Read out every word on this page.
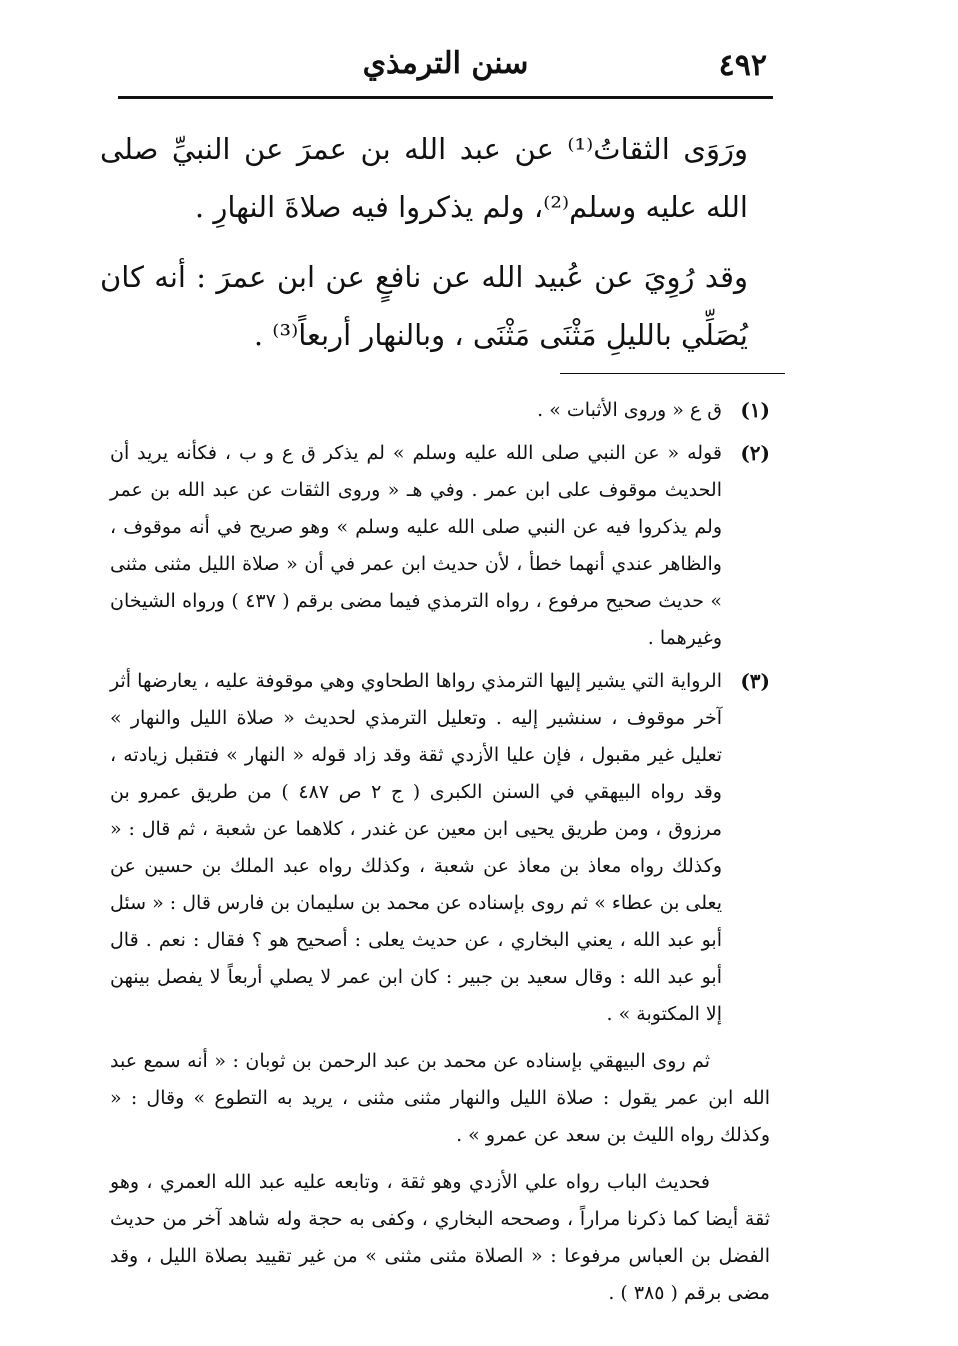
٤٩٢
سنن الترمذي

ورَوَى الثقاتُ⁽¹⁾ عن عبد الله بن عمرَ عن النبيِّ صلى الله عليه وسلم⁽²⁾، ولم يذكروا فيه صلاةَ النهارِ .

وقد رُوِيَ عن عُبيد الله عن نافعٍ عن ابن عمرَ : أنه كان يُصَلِّي بالليلِ مَثْنَى مَثْنَى ، وبالنهار أربعاً⁽³⁾ .

(١)
ق ع « وروى الأثبات » .
(٢)
قوله « عن النبي صلى الله عليه وسلم » لم يذكر ق ع و ب ، فكأنه يريد أن الحديث موقوف على ابن عمر . وفي هـ « وروى الثقات عن عبد الله بن عمر ولم يذكروا فيه عن النبي صلى الله عليه وسلم » وهو صريح في أنه موقوف ، والظاهر عندي أنهما خطأ ، لأن حديث ابن عمر في أن « صلاة الليل مثنى مثنى » حديث صحيح مرفوع ، رواه الترمذي فيما مضى برقم ( ٤٣٧ ) ورواه الشيخان وغيرهما .
(٣)
الرواية التي يشير إليها الترمذي رواها الطحاوي وهي موقوفة عليه ، يعارضها أثر آخر موقوف ، سنشير إليه . وتعليل الترمذي لحديث « صلاة الليل والنهار » تعليل غير مقبول ، فإن عليا الأزدي ثقة وقد زاد قوله « النهار » فتقبل زيادته ، وقد رواه البيهقي في السنن الكبرى ( ج ٢ ص ٤٨٧ ) من طريق عمرو بن مرزوق ، ومن طريق يحيى ابن معين عن غندر ، كلاهما عن شعبة ، ثم قال : « وكذلك رواه معاذ بن معاذ عن شعبة ، وكذلك رواه عبد الملك بن حسين عن يعلى بن عطاء » ثم روى بإسناده عن محمد بن سليمان بن فارس قال : « سئل أبو عبد الله ، يعني البخاري ، عن حديث يعلى : أصحيح هو ؟ فقال : نعم . قال أبو عبد الله : وقال سعيد بن جبير : كان ابن عمر لا يصلي أربعاً لا يفصل بينهن إلا المكتوبة » .

ثم روى البيهقي بإسناده عن محمد بن عبد الرحمن بن ثوبان : « أنه سمع عبد الله ابن عمر يقول : صلاة الليل والنهار مثنى مثنى ، يريد به التطوع » وقال : « وكذلك رواه الليث بن سعد عن عمرو » .

فحديث الباب رواه علي الأزدي وهو ثقة ، وتابعه عليه عبد الله العمري ، وهو ثقة أيضا كما ذكرنا مراراً ، وصححه البخاري ، وكفى به حجة وله شاهد آخر من حديث الفضل بن العباس مرفوعا : « الصلاة مثنى مثنى » من غير تقييد بصلاة الليل ، وقد مضى برقم ( ٣٨٥ ) .
